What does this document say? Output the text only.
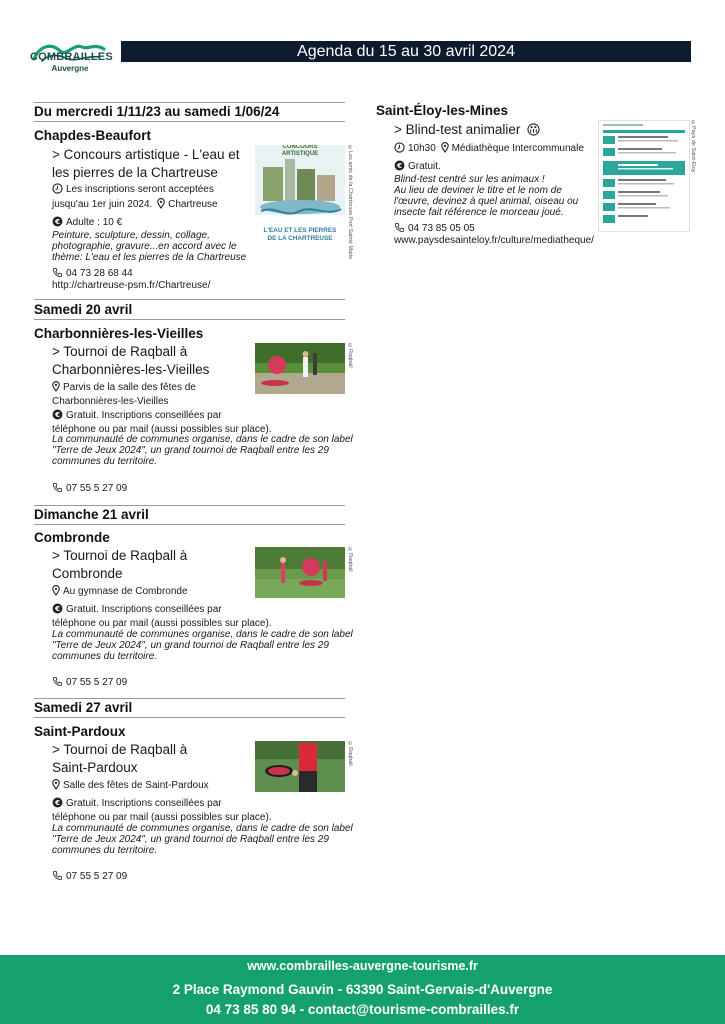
COMBRAILLES
Auvergne
Agenda du 15 au 30 avril 2024
Du mercredi 1/11/23 au samedi 1/06/24
Chapdes-Beaufort
> Concours artistique - L'eau et
les pierres de la Chartreuse
Les inscriptions seront acceptées
jusqu'au 1er juin 2024. Chartreuse
€ Adulte : 10 €
Peinture, sculpture, dessin, collage,
photographie, gravure...en accord avec le
thème: L'eau et les pierres de la Chartreuse
04 73 28 68 44
http://chartreuse-psm.fr/Chartreuse/
CONCOURS
ARTISTIQUE
L'EAU ET LES PIERRES
DE LA CHARTREUSE	©Les amis de la Chartreuse Port Sainte Marie
Samedi 20 avril
Charbonnières-les-Vieilles
> Tournoi de Raqball à
Charbonnières-les-Vieilles
Parvis de la salle des fêtes de
Charbonnières-les-Vieilles
€ Gratuit. Inscriptions conseillées par
téléphone ou par mail (aussi possibles sur place).
La communauté de communes organise, dans le cadre de son label
"Terre de Jeux 2024", un grand tournoi de Raqball entre les 29
communes du territoire.
07 55 5 27 09
©Raqball
Dimanche 21 avril
Combronde
> Tournoi de Raqball à
Combronde
Au gymnase de Combronde
€ Gratuit. Inscriptions conseillées par
téléphone ou par mail (aussi possibles sur place).
La communauté de communes organise, dans le cadre de son label
"Terre de Jeux 2024", un grand tournoi de Raqball entre les 29
communes du territoire.
07 55 5 27 09
©Raqball
Samedi 27 avril
Saint-Pardoux
> Tournoi de Raqball à
Saint-Pardoux
Salle des fêtes de Saint-Pardoux
€ Gratuit. Inscriptions conseillées par
téléphone ou par mail (aussi possibles sur place).
La communauté de communes organise, dans le cadre de son label
"Terre de Jeux 2024", un grand tournoi de Raqball entre les 29
communes du territoire.
07 55 5 27 09
©Raqball
Saint-Éloy-les-Mines
> Blind-test animalier
10h30 Médiathèque Intercommunale
€ Gratuit.
Blind-test centré sur les animaux !
Au lieu de deviner le titre et le nom de
l'œuvre, devinez à quel animal, oiseau ou
insecte fait référence le morceau joué.
04 73 85 05 05
www.paysdesainteloy.fr/culture/mediatheque/
©Pays de Saint-Eloy
www.combrailles-auvergne-tourisme.fr
2 Place Raymond Gauvin - 63390 Saint-Gervais-d'Auvergne
04 73 85 80 94 - contact@tourisme-combrailles.fr
